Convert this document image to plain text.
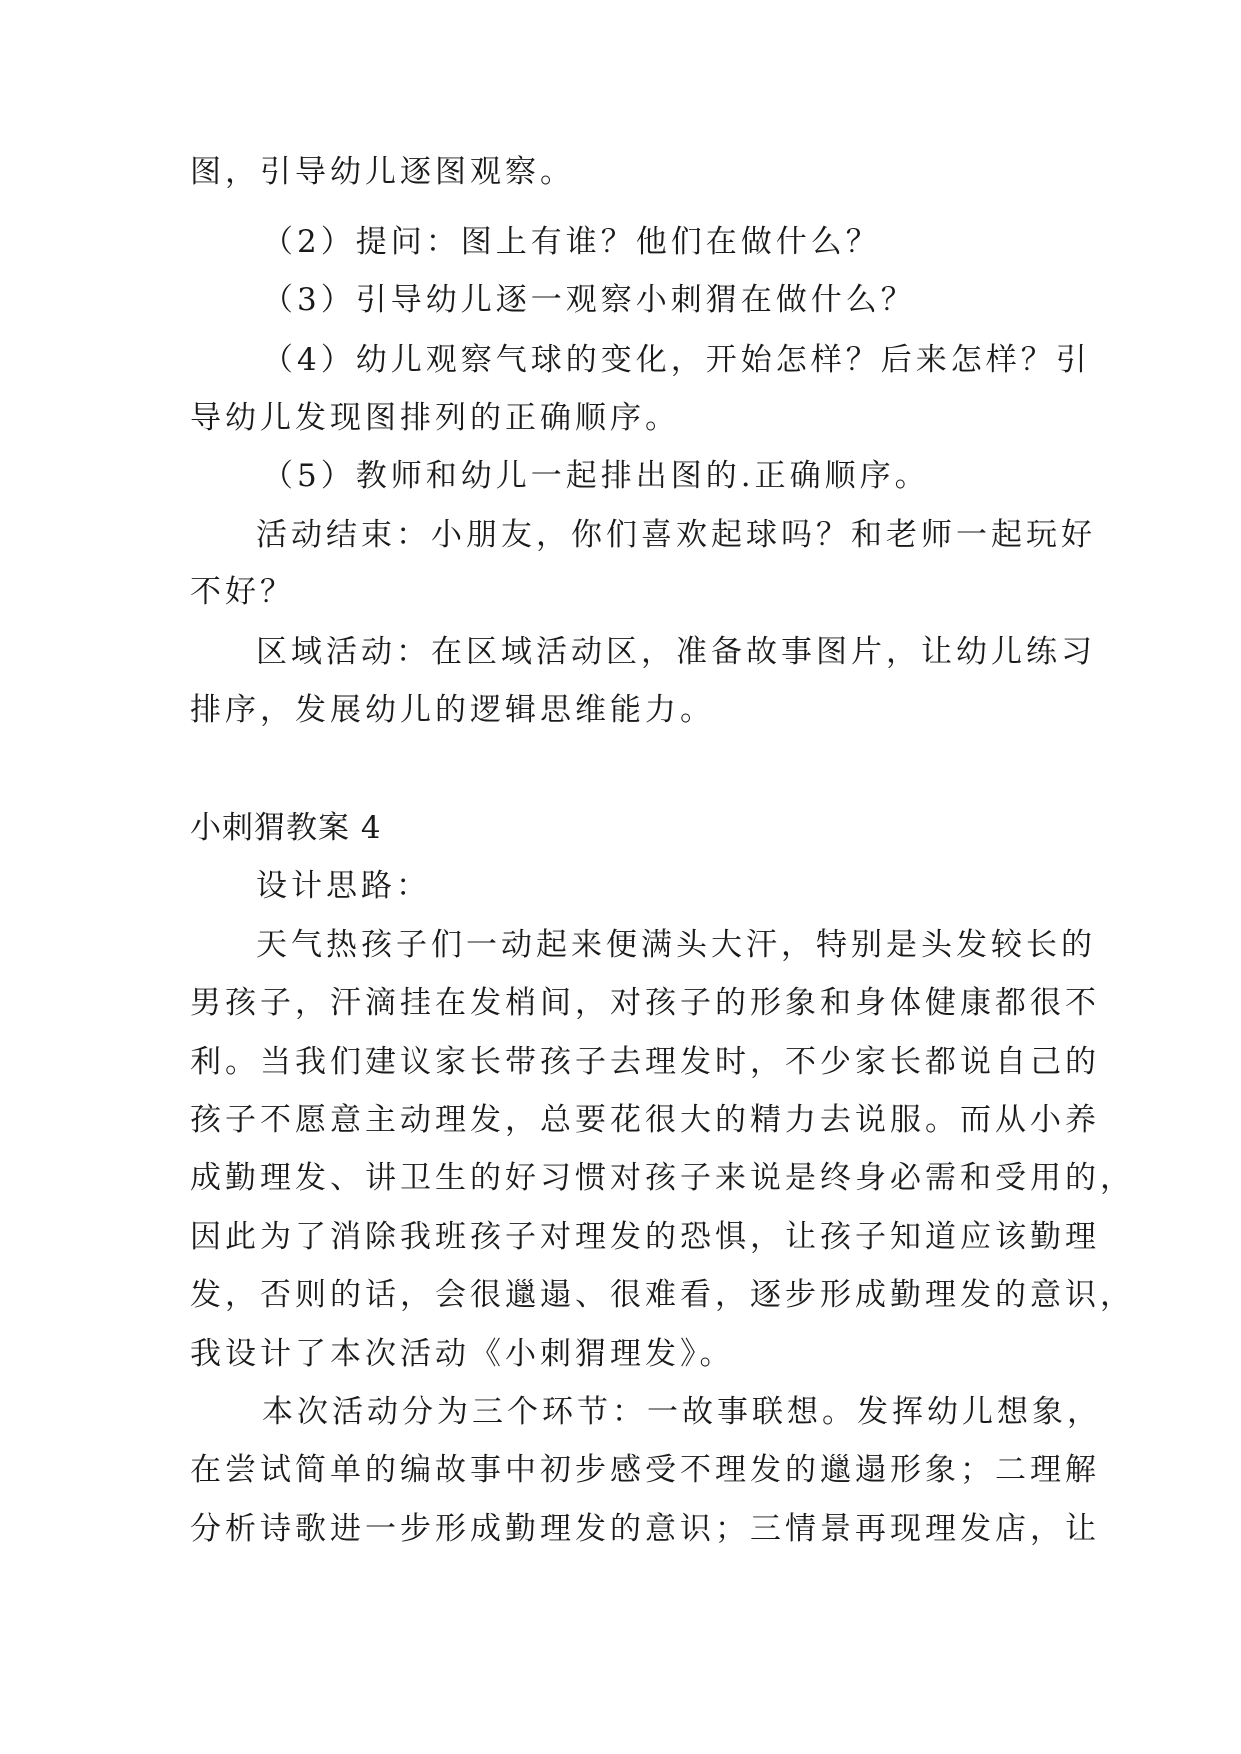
图，引导幼儿逐图观察。
（2）提问：图上有谁？他们在做什么？
（3）引导幼儿逐一观察小刺猬在做什么？
（4）幼儿观察气球的变化，开始怎样？后来怎样？引
导幼儿发现图排列的正确顺序。
（5）教师和幼儿一起排出图的.正确顺序。
活动结束：小朋友，你们喜欢起球吗？和老师一起玩好
不好？
区域活动：在区域活动区，准备故事图片，让幼儿练习
排序，发展幼儿的逻辑思维能力。
小刺猬教案 4
设计思路：
天气热孩子们一动起来便满头大汗，特别是头发较长的
男孩子，汗滴挂在发梢间，对孩子的形象和身体健康都很不
利。当我们建议家长带孩子去理发时，不少家长都说自己的
孩子不愿意主动理发，总要花很大的精力去说服。而从小养
成勤理发、讲卫生的好习惯对孩子来说是终身必需和受用的，
因此为了消除我班孩子对理发的恐惧，让孩子知道应该勤理
发，否则的话，会很邋遢、很难看，逐步形成勤理发的意识，
我设计了本次活动《小刺猬理发》。
本次活动分为三个环节：一故事联想。发挥幼儿想象，
在尝试简单的编故事中初步感受不理发的邋遢形象；二理解
分析诗歌进一步形成勤理发的意识；三情景再现理发店，让
